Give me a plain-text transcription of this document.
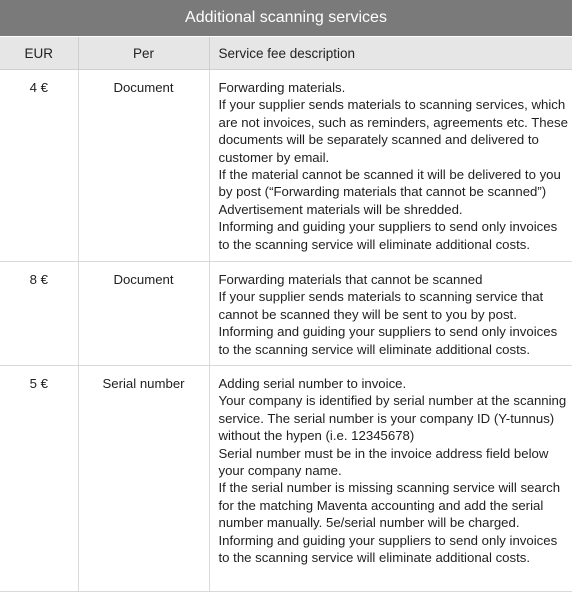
Additional scanning services
EUR	Per	Service fee description
4 €	Document	Forwarding materials.
If your supplier sends materials to scanning services, which are not invoices, such as reminders, agreements etc. These documents will be separately scanned and delivered to customer by email.
If the material cannot be scanned it will be delivered to you by post (“Forwarding materials that cannot be scanned”)
Advertisement materials will be shredded.
Informing and guiding your suppliers to send only invoices to the scanning service will eliminate additional costs.

8 €	Document	Forwarding materials that cannot be scanned
If your supplier sends materials to scanning service that cannot be scanned they will be sent to you by post.
Informing and guiding your suppliers to send only invoices to the scanning service will eliminate additional costs.

5 €	Serial number	Adding serial number to invoice.
Your company is identified by serial number at the scanning service. The serial number is your company ID (Y-tunnus) without the hypen (i.e. 12345678)
Serial number must be in the invoice address field below your company name.
If the serial number is missing scanning service will search for the matching Maventa accounting and add the serial number manually. 5e/serial number will be charged.
Informing and guiding your suppliers to send only invoices to the scanning service will eliminate additional costs.
